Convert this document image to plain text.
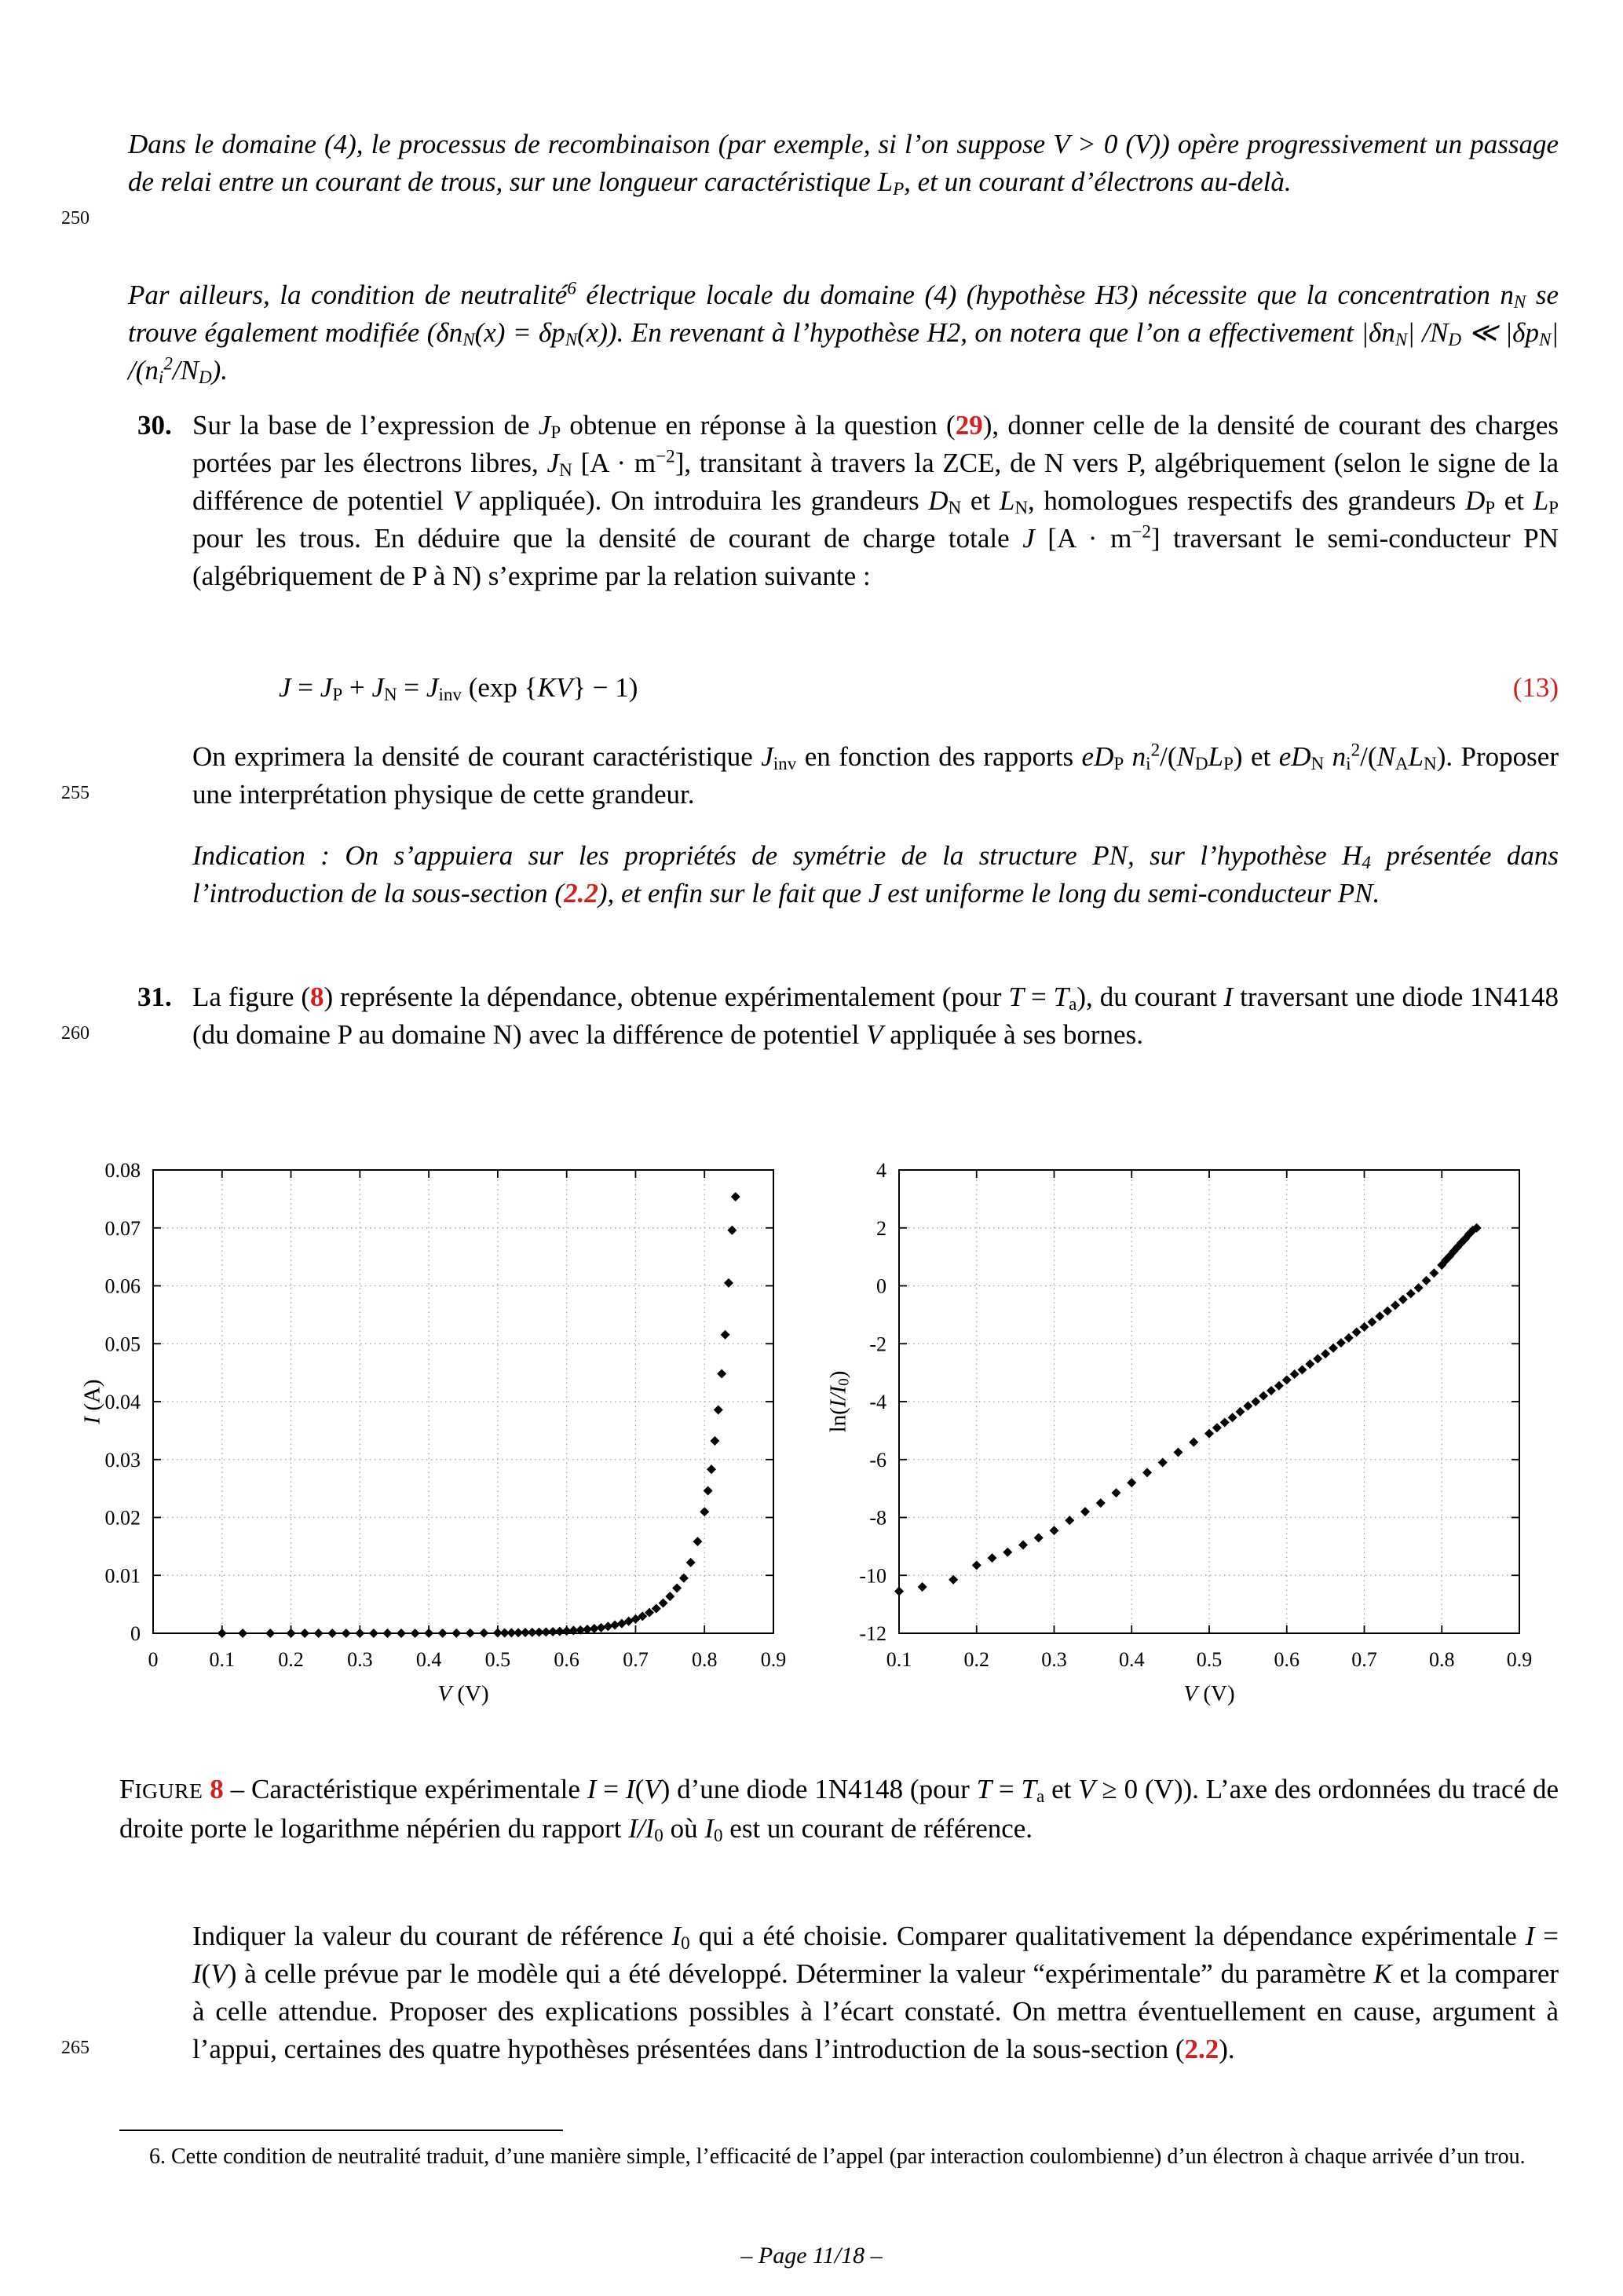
250
255
260
265
Dans le domaine (4), le processus de recombinaison (par exemple, si l’on suppose V > 0 (V)) opère progressivement un passage de relai entre un courant de trous, sur une longueur caractéristique $L_P$, et un courant d’électrons au-delà.
Par ailleurs, la condition de neutralité$^6$ électrique locale du domaine (4) (hypothèse H3) nécessite que la concentration $n_N$ se trouve également modifiée $(\delta n_N(x) = \delta p_N(x))$. En revenant à l’hypothèse H2, on notera que l’on a effectivement $|\delta n_N|$ $/N_D$ ≪ $|\delta p_N|$ $/(n_i^2/N_D)$.
30. Sur la base de l’expression de $J_P$ obtenue en réponse à la question (29), donner celle de la densité de courant des charges portées par les électrons libres, $J_N$ $[A \cdot m^{-2}]$, transitant à travers la ZCE, de N vers P, algébriquement (selon le signe de la différence de potentiel V appliquée). On introduira les grandeurs $D_N$ et $L_N$, homologues respectifs des grandeurs $D_P$ et $L_P$ pour les trous. En déduire que la densité de courant de charge totale J $[A \cdot m^{-2}]$ traversant le semi-conducteur PN (algébriquement de P à N) s’exprime par la relation suivante :
$J = J_P + J_N = J_{inv}$ (exp {KV} − 1)	(13)
On exprimera la densité de courant caractéristique $J_{inv}$ en fonction des rapports $eD_P$ $n_i^2/(N_DL_P)$ et $eD_N$ $n_i^2/(N_AL_N)$. Proposer une interprétation physique de cette grandeur.
Indication : On s’appuiera sur les propriétés de symétrie de la structure PN, sur l’hypothèse $H_4$ présentée dans l’introduction de la sous-section (2.2), et enfin sur le fait que J est uniforme le long du semi-conducteur PN.
31. La figure (8) représente la dépendance, obtenue expérimentalement (pour $T = T_a$), du courant I traversant une diode 1N4148 (du domaine P au domaine N) avec la différence de potentiel V appliquée à ses bornes.
0	0.1 0.2 0.3 0.4 0.5 0.6 0.7 0.8 0.9
0
0.01
0.02
0.03
0.04
0.05
0.06
0.07
0.08
V (V)
I (A)
0.1	0.2	0.3	0.4	0.5	0.6	0.7	0.8	0.9
-12
-10
-8
-6
-4
-2
0
2
4
V (V)
$\ln(I/I_0)$
FIGURE 8 – Caractéristique expérimentale I = I(V) d’une diode 1N4148 (pour $T = T_a$ et V ≥ 0 (V)). L’axe des ordonnées du tracé de droite porte le logarithme népérien du rapport $I/I_0$ où $I_0$ est un courant de référence.
Indiquer la valeur du courant de référence $I_0$ qui a été choisie. Comparer qualitativement la dépendance expérimentale I = I(V) à celle prévue par le modèle qui a été développé. Déterminer la valeur “expérimentale” du paramètre K et la comparer à celle attendue. Proposer des explications possibles à l’écart constaté. On mettra éventuellement en cause, argument à l’appui, certaines des quatre hypothèses présentées dans l’introduction de la sous-section (2.2).
6. Cette condition de neutralité traduit, d’une manière simple, l’efficacité de l’appel (par interaction coulombienne) d’un électron à chaque arrivée d’un trou.
– Page 11/18 –
